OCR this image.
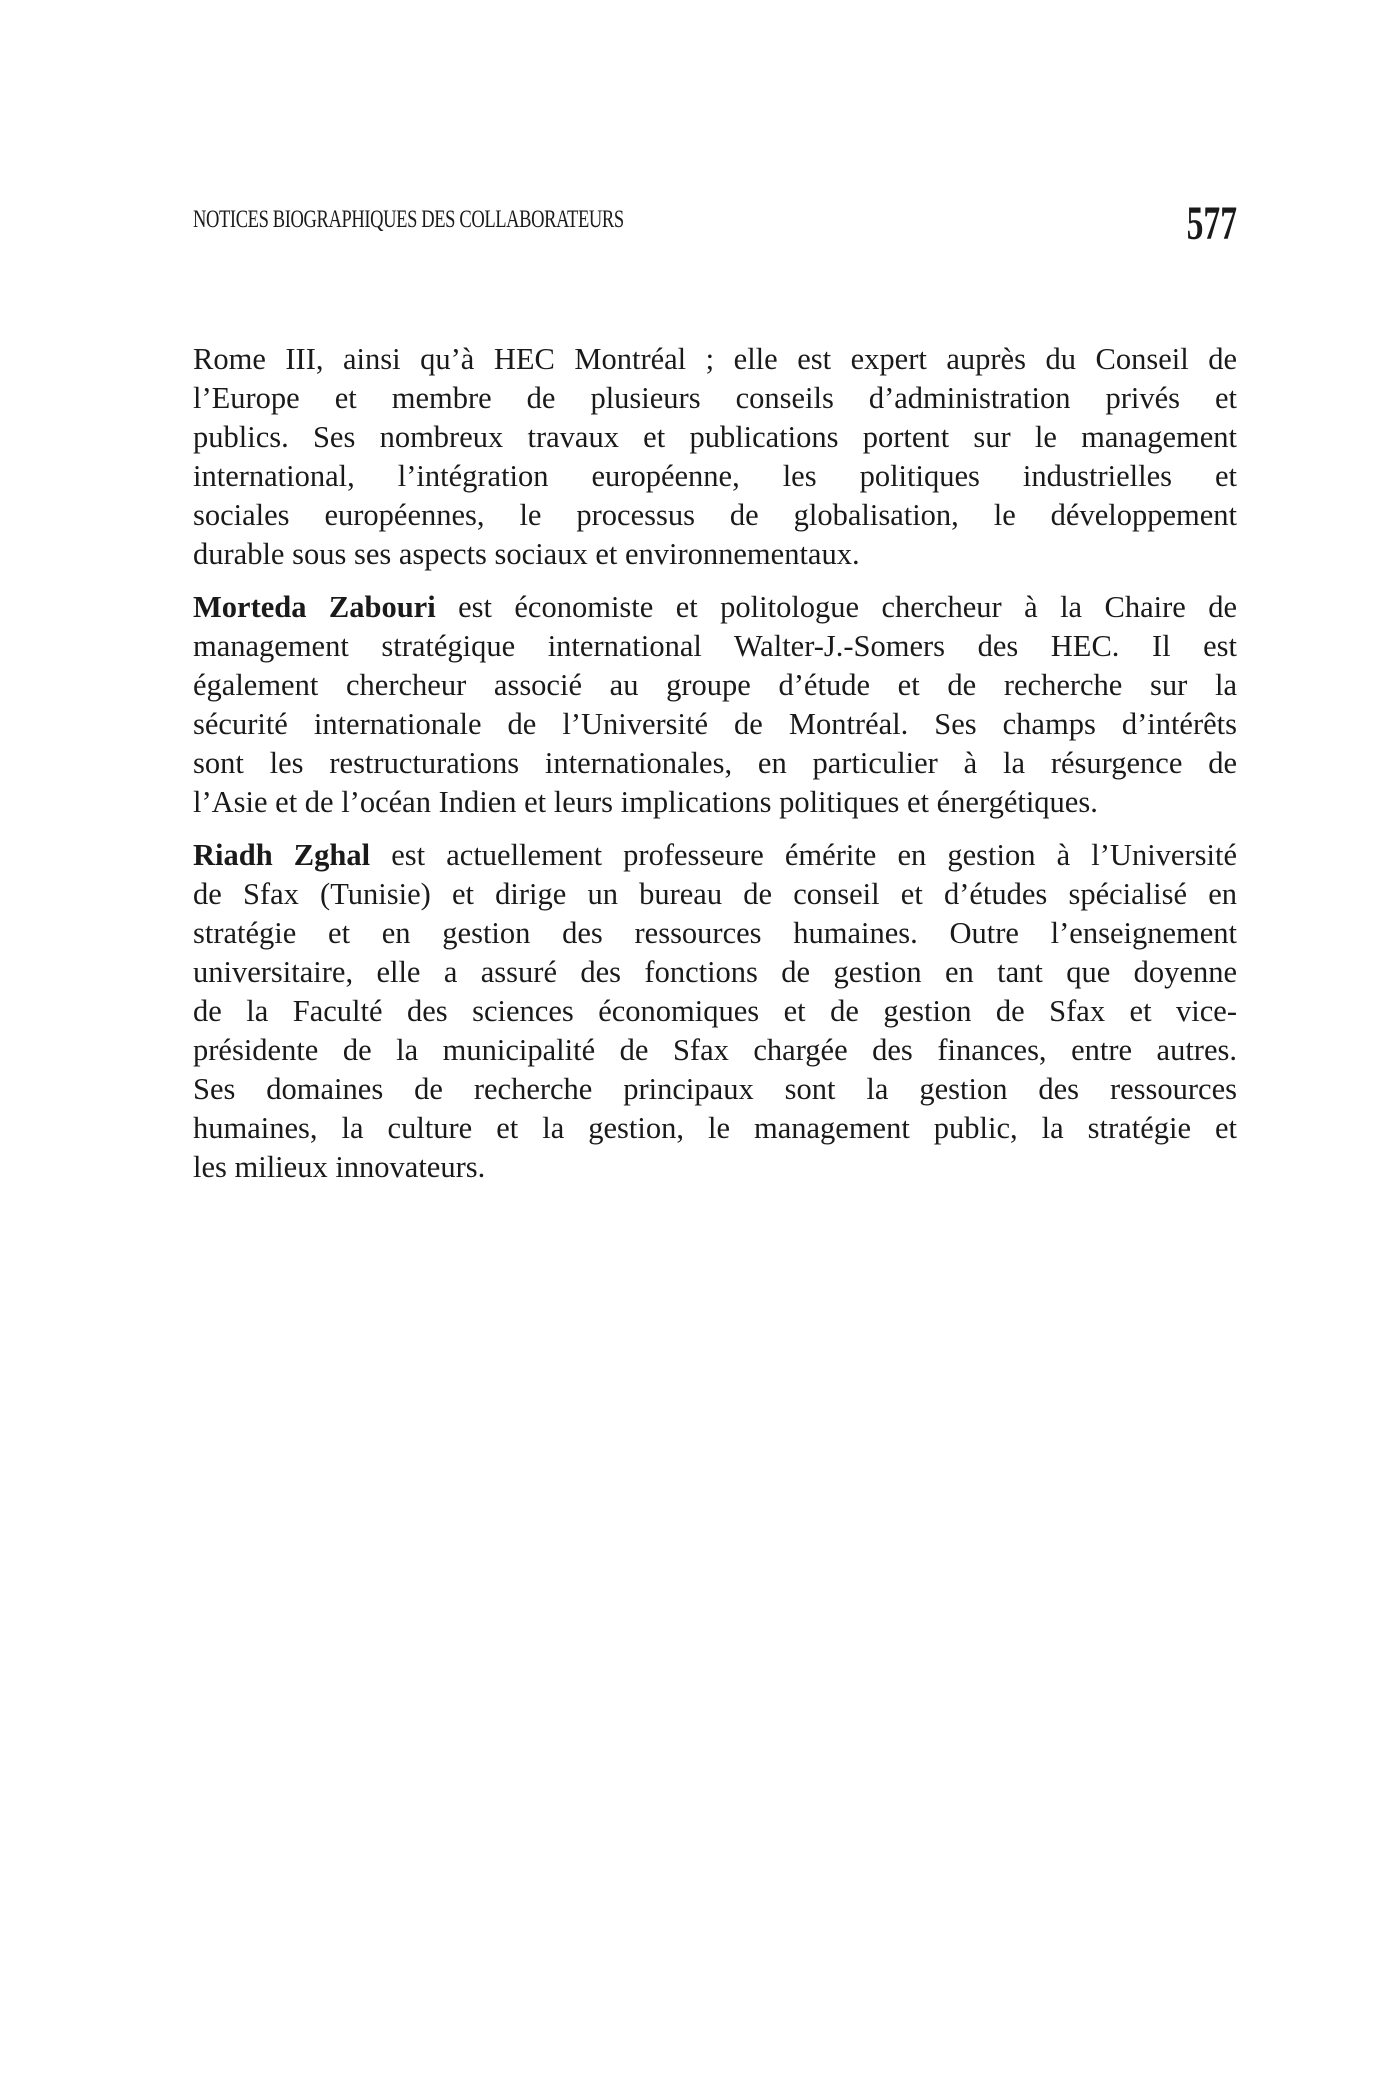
NOTICES BIOGRAPHIQUES DES COLLABORATEURS	577
Rome III, ainsi qu’à HEC Montréal ; elle est expert auprès du Conseil de
l’Europe et membre de plusieurs conseils d’administration privés et
publics. Ses nombreux travaux et publications portent sur le management
international, l’intégration européenne, les politiques industrielles et
sociales européennes, le processus de globalisation, le développement
durable sous ses aspects sociaux et environnementaux.
Morteda Zabouri est économiste et politologue chercheur à la Chaire de
management stratégique international Walter-J.-Somers des HEC. Il est
également chercheur associé au groupe d’étude et de recherche sur la
sécurité internationale de l’Université de Montréal. Ses champs d’intérêts
sont les restructurations internationales, en particulier à la résurgence de
l’Asie et de l’océan Indien et leurs implications politiques et énergétiques.
Riadh Zghal est actuellement professeure émérite en gestion à l’Université
de Sfax (Tunisie) et dirige un bureau de conseil et d’études spécialisé en
stratégie et en gestion des ressources humaines. Outre l’enseignement
universitaire, elle a assuré des fonctions de gestion en tant que doyenne
de la Faculté des sciences économiques et de gestion de Sfax et vice-
présidente de la municipalité de Sfax chargée des finances, entre autres.
Ses domaines de recherche principaux sont la gestion des ressources
humaines, la culture et la gestion, le management public, la stratégie et
les milieux innovateurs.
